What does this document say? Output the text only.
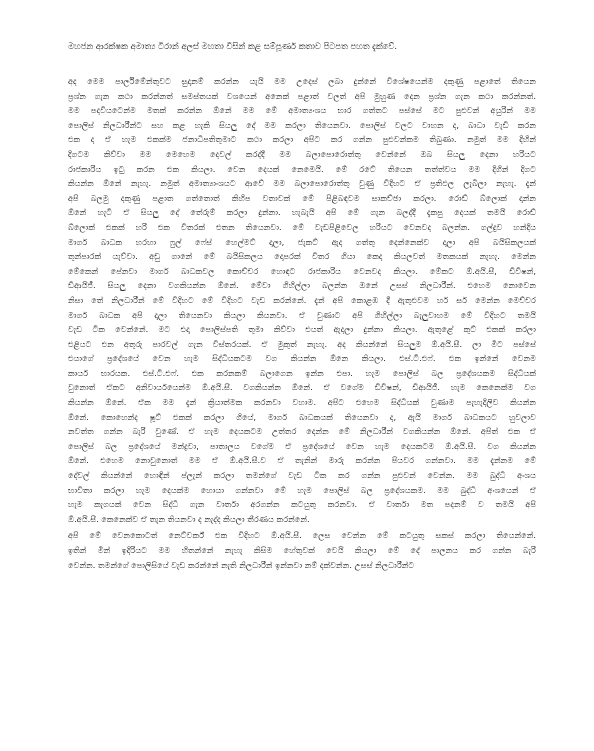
මහජන ආරක්ෂක අමාත්‍ය ටිරාන් අලස් මහතා විසින් කළ සම්පූර්ණ කතාව පිටපත පහත දැක්වේ.

අද මෙම පාර්ලිමේන්තුවට සුදානම් කරන්න යැයි මම උදෙස් ලබා දුන්නේ විශේෂයෙන්ම දකුණු පළාතේ තියෙන
ප්‍රශ්න ගැන කථා කරන්නත් සමස්තයක් වශයෙන් අනෙක් පළාත් වලත් අපි මුහුණ දෙන ප්‍රශ්න ගැන කථා කරන්නත්.
මම පදවියටෙන්ම මතක් කරන්න ඕනේ මම මේ අමාත්‍යංශය භාර ගත්තට පස්සේ මට පුළුවන් අයුරින් මම
පොලිස් නිලධාරීන්ට සහ කළ හැකි සියලු දේ මම කරලා තියෙනවා. පොලිස් වලට වාහන ද, බාධා වැඩි කරන
එක ද ඒ හැම එකක්ම ජනාධිපතිතුමාට කථා කරලා අපිට කර ගන්න පුළුවන්කම තිබුණා. නමුත් මම දිහින්
දිගටම කිව්වා මම මෙහෙම දෙවල් කරද්දී මම බලාපොරොත්තු වෙන්නේ ඔබ සියලු දෙනා හරියට
රාජකාරිය ඉටු කරන එක කියලා. වෙන දෙයක් නෙමෙයි. මේ රටේ තියෙන තත්ත්වය මම දිගින් දිගට
කියන්න ඕනේ නැහැ. නමුත් අමාත්‍යාංශයට ආවේ මම බලාපොරොත්තු වුණු විදිහට ඒ ප්‍රතිඵල ලැබිලා නැහැ. දැන්
අපි බලමු දකුණු පළාත ගත්තොත් කිහිප වතාවක් මේ පිළිබඳවම සාකච්ඡා කරලා. රොඩ් බ්ලොක් දාන්න
ඕනේ හැටි ඒ සියලු දේ තේරුම් කරලා දුන්නා. හැබැයි අපි මේ ගැන බලද්දී දැකපු දෙයක් තමයි රොඩ්
බ්ලොක් එකක් හරි එක විතරක් එතන තියෙනවා. මේ වැඩපිළිවෙල හරියට වෙනවද බලන්න. ගල්දුව හන්දිය
මාර්ග බාධක හරහා ෆුල් ෆේස් හෙල්මට් දාලා, ජැකට් ඇද ගත්තු දෙන්නෙක්ව දාලා අපි බයිසිකලයක්
තුන්පාරක් යැව්වා. අඩු ගානේ මේ බයිසිකලය දොපරක් විතර ගියා කෙද කියලවත් මතකයක් නැහැ. මෙන්න
මේකෙන් පේනවා මාර්ග බාධකවල කොච්චර හොඳට රාජකාරිය වෙනවද කියලා. මේකට ඕ.අයි.සී, ඩීවීෂන්,
ඩීආයිජී. සියලු දෙනා වගකියන්න ඕනේ. මේවා ගිහිල්ලා බලන්න ඔනේ උසස් නිලධාරීන්. එහෙම නොවෙන
නිසා තේ නිලධාරීන් මේ විදිහට මේ විදිහට වැඩ කරන්නේ. දැන් අපි කොළඹ දී ඇතුළුවම හර් සර් මෙන්න මෙච්චර
මාර්ග බාධක අපි දාලා තියෙනවා කියලා කියනවා. ඒ වුණාට අපි ගිහිල්ලා බැලුවාහම මේ විදිහට තමයි
වැඩ ටික වෙන්නේ. මට එදා පොලිස්පති තුමා කිව්වා එයත් ඇදලා දුන්නා කියලා. ඇතුළේ කුට් එකක් කරලා
එළියට එන අතුරු පාරවල් ගැන විස්තරයක්. ඒ මුකුත් නැහැ. අද කියන්නේ සියලුම ඕ.අයි.සී. ලා මිට පස්සේ
එයාගේ ප්‍රදේශයේ වෙන හැම සිද්ධියකටම වග කියන්න ඕනෙ කියලා. එස්.ටී.එෆ්. එක ඉන්නේ වෙනම
කාර්ය භාරයක. එස්.ටී.එෆ්. එක කරනකම් බලාගෙන ඉන්න එපා. හැම පොලිස් බල ප්‍රදේශයකම සිද්ධියක්
වුනොත් ඒකට අනිවාර්යයෙන්ම ඕ.අයි.සී. වගකියන්න ඕනේ. ඒ වගේම ඩිවිෂන්, ඩීආයිජී. හැම කෙනෙක්ම වග
කියන්න ඕනේ. ඒක මම දැන් ක්‍රියාත්මක කරනවා වහාම. අපිට එහෙම සිද්ධියක් වුණාම පැහැදිලිව කියන්න
ඕනේ. කොහෙන්ද ෂූට් එකක් කරලා ගියේ, මාර්ග බාධකයක් තියෙනවා ද, ඇයි මාර්ග බාධකයට හුවලාව
නවත්ත ගන්න බැරි වුණේ. ඒ හැම දෙයකටම උත්තර දෙන්න මේ නිලධාරීන් වගකියන්න ඕනේ. අපිත් එක ඒ
පොලිස් බල ප්‍රදේශයේ මන්ද්‍රවා, පාතාලය වගේම ඒ ප්‍රදේශයේ වෙන හැම දෙයකටම ඕ.අයි.සී. වග කියන්න
ඕනේ. එහෙම නොවුනොත් මම ඒ ඕ.අයි.සී.ව ඒ තැනින් මාරු කරන්න පියවර ගන්නවා. මම දැන්නම මේ
දේවල් කියන්නේ හොඳින් ප්ලැන් කරලා තමන්ගේ වැඩ ටික කර ගන්න පුළුවන් වෙන්න. මම බුද්ධි අංශය
භාවිතා කරලා හැම දෙයක්ම හොයා ගන්නවා මේ හැම පොලිස් බල ප්‍රදේශයකම. මම බුද්ධි අංශයෙන් ඒ
හැම කැගයක් වෙන සිද්ධි ගැන වාර්තා අරගන්න කටයුතු කරනවා. ඒ වාර්තා මත පදනම් ව තමයි අපි
ඕ.අයි.සී. කෙනෙක්ව ඒ තැන තියනවා ද නැද්ද කියලා තීරණය කරන්නේ.
අපි මේ වෙනකොටත් නෙට්වර්ක් එක විදිහට ඕ.අයි.සී. ලෙස වෙන්න මේ කටයුතු සකස් කරලා තියෙන්නේ.
ඉතින් මින් ඉදිරියට මම හිතන්නේ නැහැ කිසිම හේතුවක් වෙයි කියලා මේ දේ පාලනය කර ගන්න බැරි
වෙන්න. තමන්ගේ පොලිසියේ වැඩ කරන්නේ නැති නිලධාරීන් ඉන්නවා නම් දක්වන්න. උසස් නිලධාරීන්ට
